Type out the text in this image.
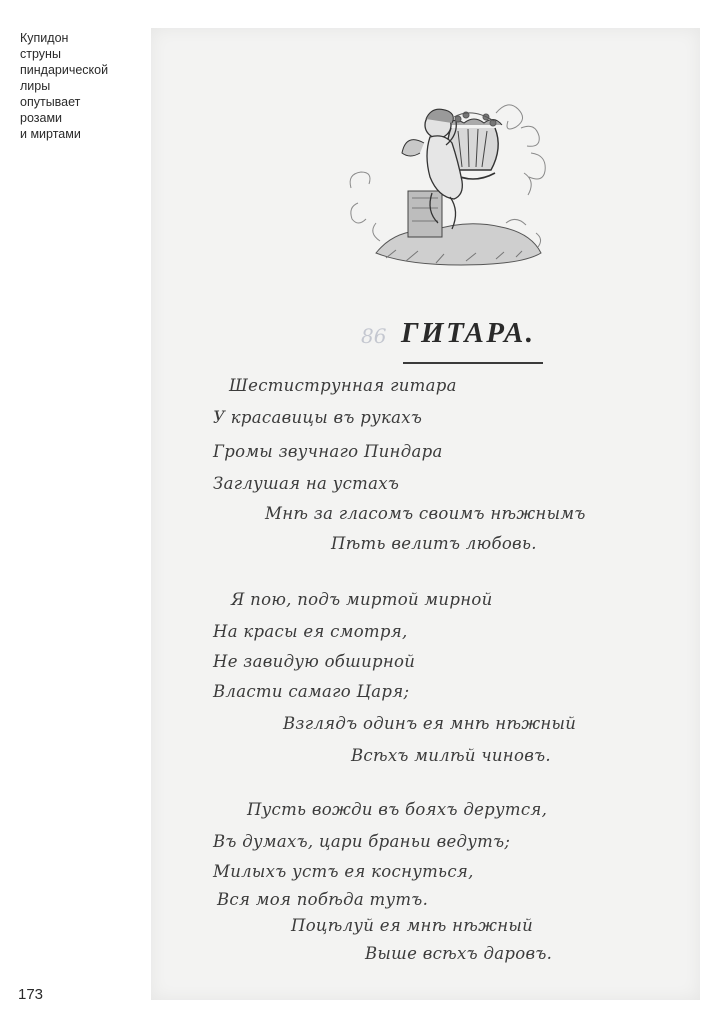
Купидон
струны
пиндарической
лиры
опутывает
розами
и миртами
173
86 ГИТАРА.
Шестиструнная гитара
У красавицы въ рукахъ
Громы звучнаго Пиндара
Заглушая на устахъ
Мнѣ за гласомъ своимъ нѣжнымъ
Пѣть велитъ любовь.
Я пою, подъ миртой мирной
На красы ея смотря,
Не завидую обширной
Власти самаго Царя;
Взглядъ одинъ ея мнѣ нѣжный
Всѣхъ милѣй чиновъ.
Пусть вожди въ бояхъ дерутся,
Въ думахъ, цари браньи ведутъ;
Милыхъ устъ ея коснуться,
Вся моя побѣда тутъ.
Поцѣлуй ея мнѣ нѣжный
Выше всѣхъ даровъ.
